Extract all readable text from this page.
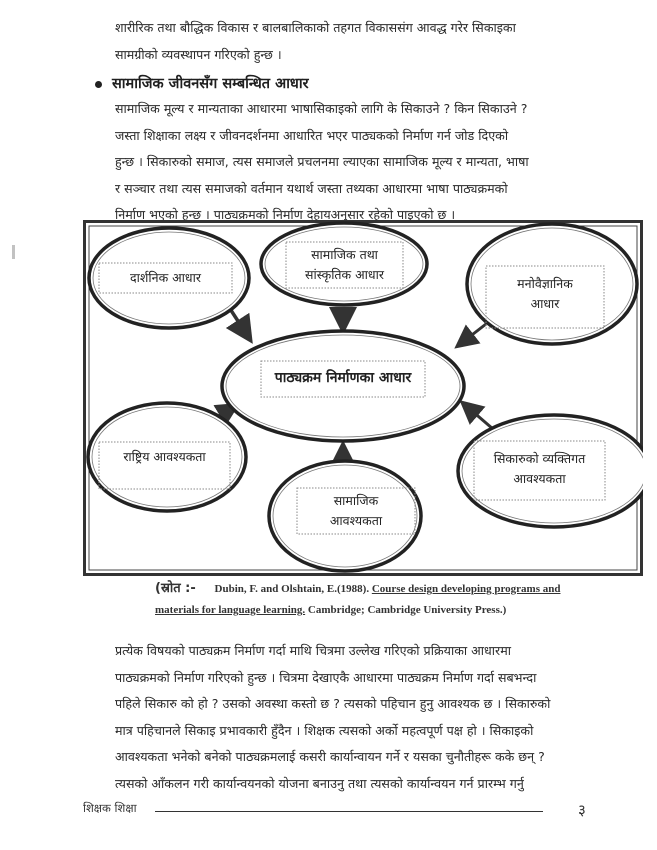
शारीरिक तथा बौद्धिक विकास र बालबालिकाको तहगत विकाससंग आवद्ध गरेर सिकाइका
सामग्रीको व्यवस्थापन गरिएको हुन्छ ।
सामाजिक जीवनसँग सम्बन्धित आधार
सामाजिक मूल्य र मान्यताका आधारमा भाषासिकाइको लागि के सिकाउने ? किन सिकाउने ?
जस्ता शिक्षाका लक्ष्य र जीवनदर्शनमा आधारित भएर पाठ्यकको निर्माण गर्न जोड दिएको
हुन्छ । सिकारुको समाज, त्यस समाजले प्रचलनमा ल्याएका सामाजिक मूल्य र मान्यता, भाषा
र सञ्चार तथा त्यस समाजको वर्तमान यथार्थ जस्ता तथ्यका आधारमा भाषा पाठ्यक्रमको
निर्माण भएको हुन्छ । पाठ्यक्रमको निर्माण देहायअनुसार रहेको पाइएको छ ।
दार्शनिक आधार
सामाजिक तथा
सांस्कृतिक आधार
मनोवैज्ञानिक
आधार
पाठ्यक्रम निर्माणका आधार
राष्ट्रिय आवश्यकता
सामाजिक
आवश्यकता
सिकारुको व्यक्तिगत
आवश्यकता
(स्रोत :- Dubin, F. and Olshtain, E.(1988). Course design developing programs and
materials for language learning. Cambridge; Cambridge University Press.)
प्रत्येक विषयको पाठ्यक्रम निर्माण गर्दा माथि चित्रमा उल्लेख गरिएको प्रक्रियाका आधारमा
पाठ्यक्रमको निर्माण गरिएको हुन्छ । चित्रमा देखाएकै आधारमा पाठ्यक्रम निर्माण गर्दा सबभन्दा
पहिले सिकारु को हो ? उसको अवस्था कस्तो छ ? त्यसको पहिचान हुनु आवश्यक छ । सिकारुको
मात्र पहिचानले सिकाइ प्रभावकारी हुँदैन । शिक्षक त्यसको अर्को महत्वपूर्ण पक्ष हो । सिकाइको
आवश्यकता भनेको बनेको पाठ्यक्रमलाई कसरी कार्यान्वायन गर्ने र यसका चुनौतीहरू कके छन् ?
त्यसको आँकलन गरी कार्यान्वयनको योजना बनाउनु तथा त्यसको कार्यान्वयन गर्न प्रारम्भ गर्नु
शिक्षक शिक्षा	३
